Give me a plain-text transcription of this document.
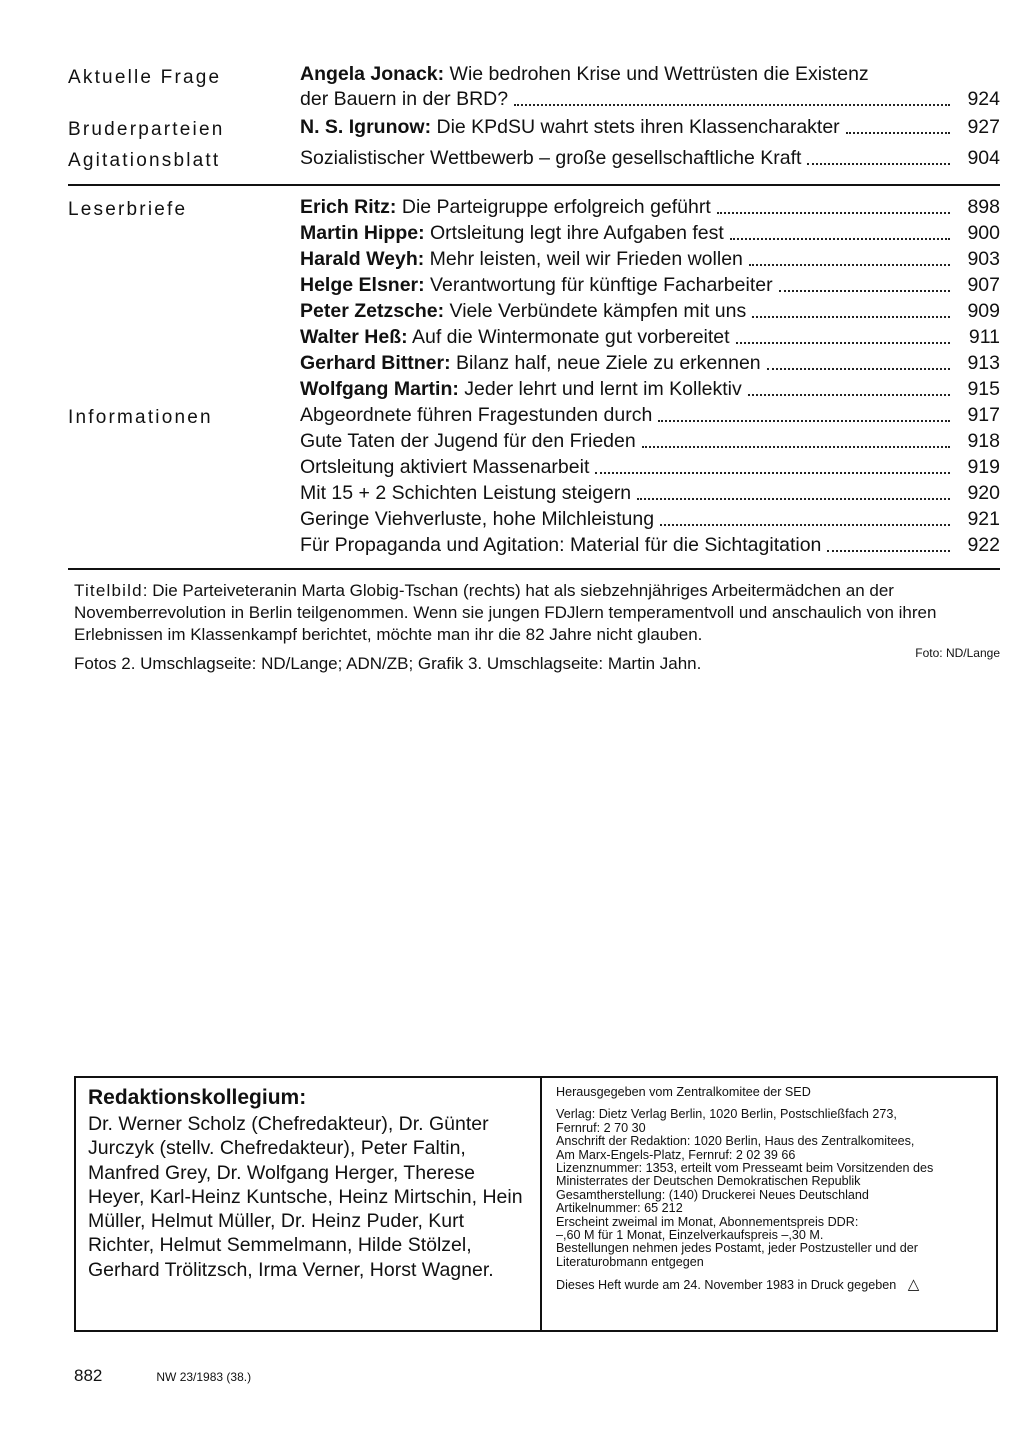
Aktuelle Frage	Angela Jonack: Wie bedrohen Krise und Wettrüsten die Existenz
der Bauern in der BRD?	924
Bruderparteien	N. S. Igrunow: Die KPdSU wahrt stets ihren Klassencharakter	927
Agitationsblatt	Sozialistischer Wettbewerb – große gesellschaftliche Kraft	904
Leserbriefe	Erich Ritz: Die Parteigruppe erfolgreich geführt	898
Martin Hippe: Ortsleitung legt ihre Aufgaben fest	900
Harald Weyh: Mehr leisten, weil wir Frieden wollen	903
Helge Elsner: Verantwortung für künftige Facharbeiter	907
Peter Zetzsche: Viele Verbündete kämpfen mit uns	909
Walter Heß: Auf die Wintermonate gut vorbereitet	911
Gerhard Bittner: Bilanz half, neue Ziele zu erkennen	913
Wolfgang Martin: Jeder lehrt und lernt im Kollektiv	915
Informationen	Abgeordnete führen Fragestunden durch	917
Gute Taten der Jugend für den Frieden	918
Ortsleitung aktiviert Massenarbeit	919
Mit 15 + 2 Schichten Leistung steigern	920
Geringe Viehverluste, hohe Milchleistung	921
Für Propaganda und Agitation: Material für die Sichtagitation	922
Titelbild: Die Parteiveteranin Marta Globig-Tschan (rechts) hat als siebzehnjähriges Arbeitermädchen an der Novemberrevolution in Berlin teilgenommen. Wenn sie jungen FDJlern temperamentvoll und anschaulich von ihren Erlebnissen im Klassenkampf berichtet, möchte man ihr die 82 Jahre nicht glauben.
Foto: ND/Lange
Fotos 2. Umschlagseite: ND/Lange; ADN/ZB; Grafik 3. Umschlagseite: Martin Jahn.
Redaktionskollegium:

Dr. Werner Scholz (Chefredakteur), Dr. Günter Jurczyk (stellv. Chefredakteur), Peter Faltin, Manfred Grey, Dr. Wolfgang Herger, Therese Heyer, Karl-Heinz Kuntsche, Heinz Mirtschin, Hein Müller, Helmut Müller, Dr. Heinz Puder, Kurt Richter, Helmut Semmelmann, Hilde Stölzel, Gerhard Trölitzsch, Irma Verner, Horst Wagner.

Herausgegeben vom Zentralkomitee der SED
Verlag: Dietz Verlag Berlin, 1020 Berlin, Postschließfach 273,
Fernruf: 2 70 30
Anschrift der Redaktion: 1020 Berlin, Haus des Zentralkomitees,
Am Marx-Engels-Platz, Fernruf: 2 02 39 66
Lizenznummer: 1353, erteilt vom Presseamt beim Vorsitzenden des
Ministerrates der Deutschen Demokratischen Republik
Gesamtherstellung: (140) Druckerei Neues Deutschland
Artikelnummer: 65 212
Erscheint zweimal im Monat, Abonnementspreis DDR:
–,60 M für 1 Monat, Einzelverkaufspreis –,30 M.
Bestellungen nehmen jedes Postamt, jeder Postzusteller und der
Literaturobmann entgegen
Dieses Heft wurde am 24. November 1983 in Druck gegeben △
882	NW 23/1983 (38.)
